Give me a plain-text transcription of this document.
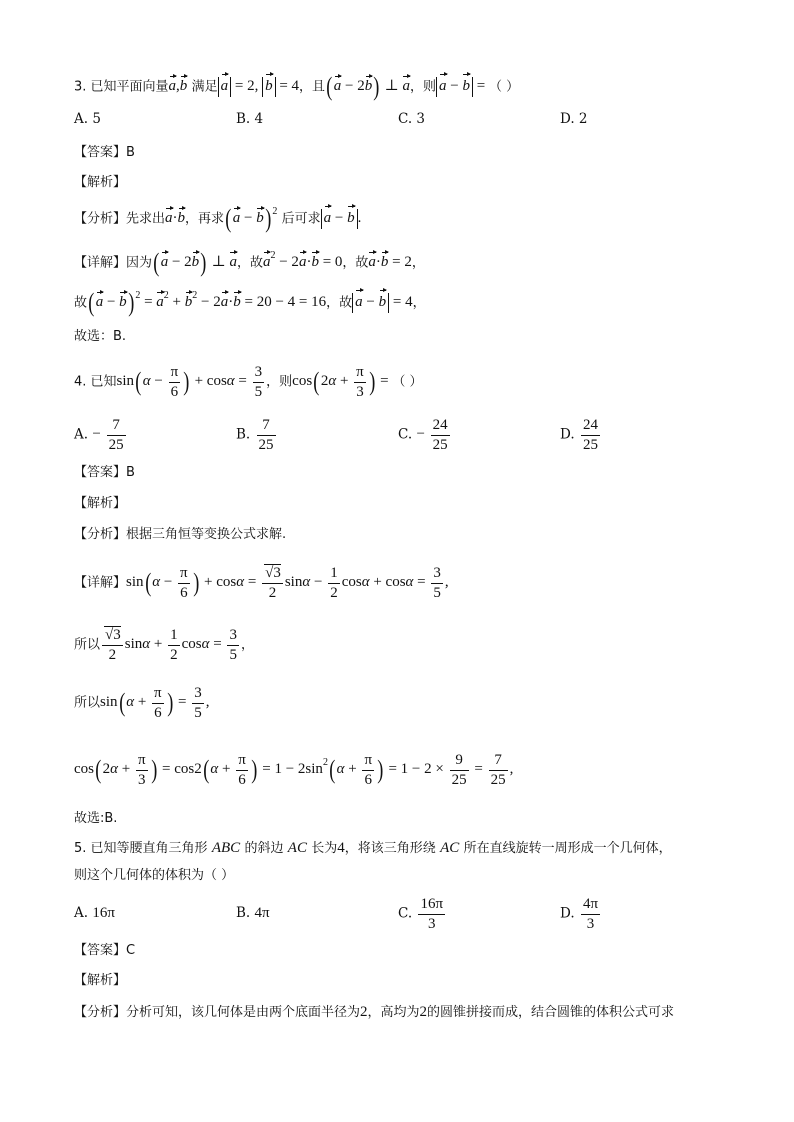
3. 已知平面向量a,b 满足 a = 2, b = 4，且(a − 2b) ⊥ a，则 a − b = （ ）
A. 5	B. 4	C. 3	D. 2
【答案】B
【解析】
【分析】先求出a·b，再求$(a - b)^2$ 后可求 a − b .
【详解】因为(a − 2b) ⊥ a，故$a^2 - 2a\cdot b = 0$，故a·b = 2，
故$(a - b)^2 = a^2 + b^2 - 2a\cdot b = 20 - 4 = 16$，故 a − b = 4，
故选：B.
4. 已知$\sin(\alpha - \frac{\pi}{6}$ ) + $\cos\alpha = \frac{3}{5}$ ，则$\cos(2\alpha + \frac{\pi}{3}$ ) = （ ）
A. − $\frac{7}{25}$	B. $\frac{7}{25}$	C. − $\frac{24}{25}$	D. $\frac{24}{25}$
【答案】B
【解析】
【分析】根据三角恒等变换公式求解.
【详解】$\sin(\alpha - \frac{\pi}{6}$ ) + $\cos\alpha = \frac{√3}{2}$ $\sin\alpha - \frac{1}{2}$ $\cos\alpha + \cos\alpha = \frac{3}{5}$ ,
所以 $\frac{√3}{2}$ $\sin\alpha + \frac{1}{2}$ $\cos\alpha = \frac{3}{5}$ ，
所以$\sin(\alpha + \frac{\pi}{6}$ ) = $\frac{3}{5}$ ,
$\cos(2\alpha + \frac{\pi}{3}$ ) = $\cos 2(\alpha + \frac{\pi}{6}$ ) = $1 - 2\sin^2(\alpha + \frac{\pi}{6}$ ) = $1 - 2 \times \frac{9}{25} = \frac{7}{25}$ ,
故选:B.
5. 已知等腰直角三角形 ABC 的斜边 AC 长为4，将该三角形绕 AC 所在直线旋转一周形成一个几何体，
则这个几何体的体积为（ ）
A. 16π	B. 4π	C. $\frac{16\pi}{3}$	D. $\frac{4\pi}{3}$
【答案】C
【解析】
【分析】分析可知，该几何体是由两个底面半径为2，高均为2的圆锥拼接而成，结合圆锥的体积公式可求
